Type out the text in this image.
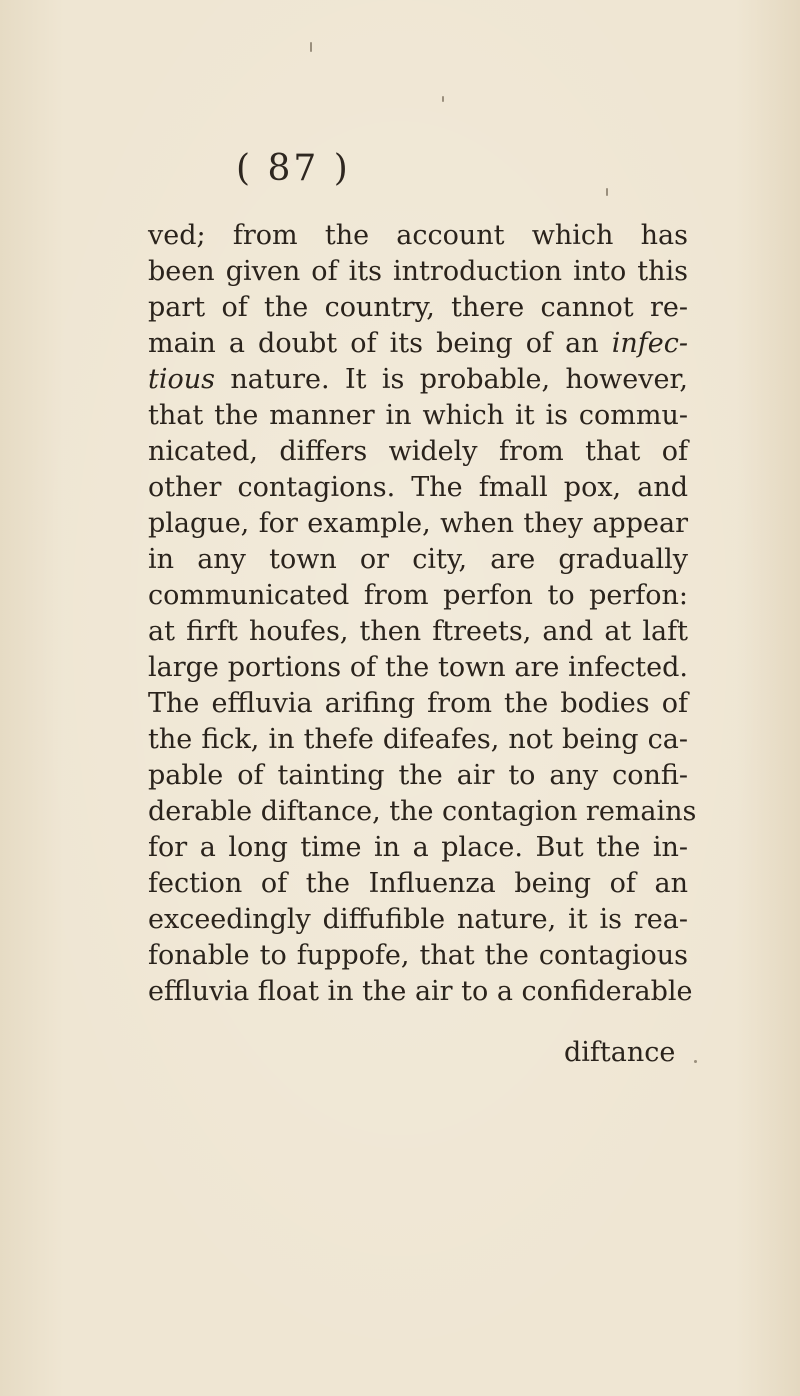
( 87 )
ved; from the account which has
been given of its introduction into this
part of the country, there cannot re-
main a doubt of its being of an infec-
tious nature. It is probable, however,
that the manner in which it is commu-
nicated, differs widely from that of
other contagions. The fmall pox, and
plague, for example, when they appear
in any town or city, are gradually
communicated from perfon to perfon:
at firft houfes, then ftreets, and at laft
large portions of the town are infected.
The effluvia arifing from the bodies of
the fick, in thefe difeafes, not being ca-
pable of tainting the air to any confi-
derable diftance, the contagion remains
for a long time in a place. But the in-
fection of the Influenza being of an
exceedingly diffufible nature, it is rea-
fonable to fuppofe, that the contagious
effluvia float in the air to a confiderable
diftance
